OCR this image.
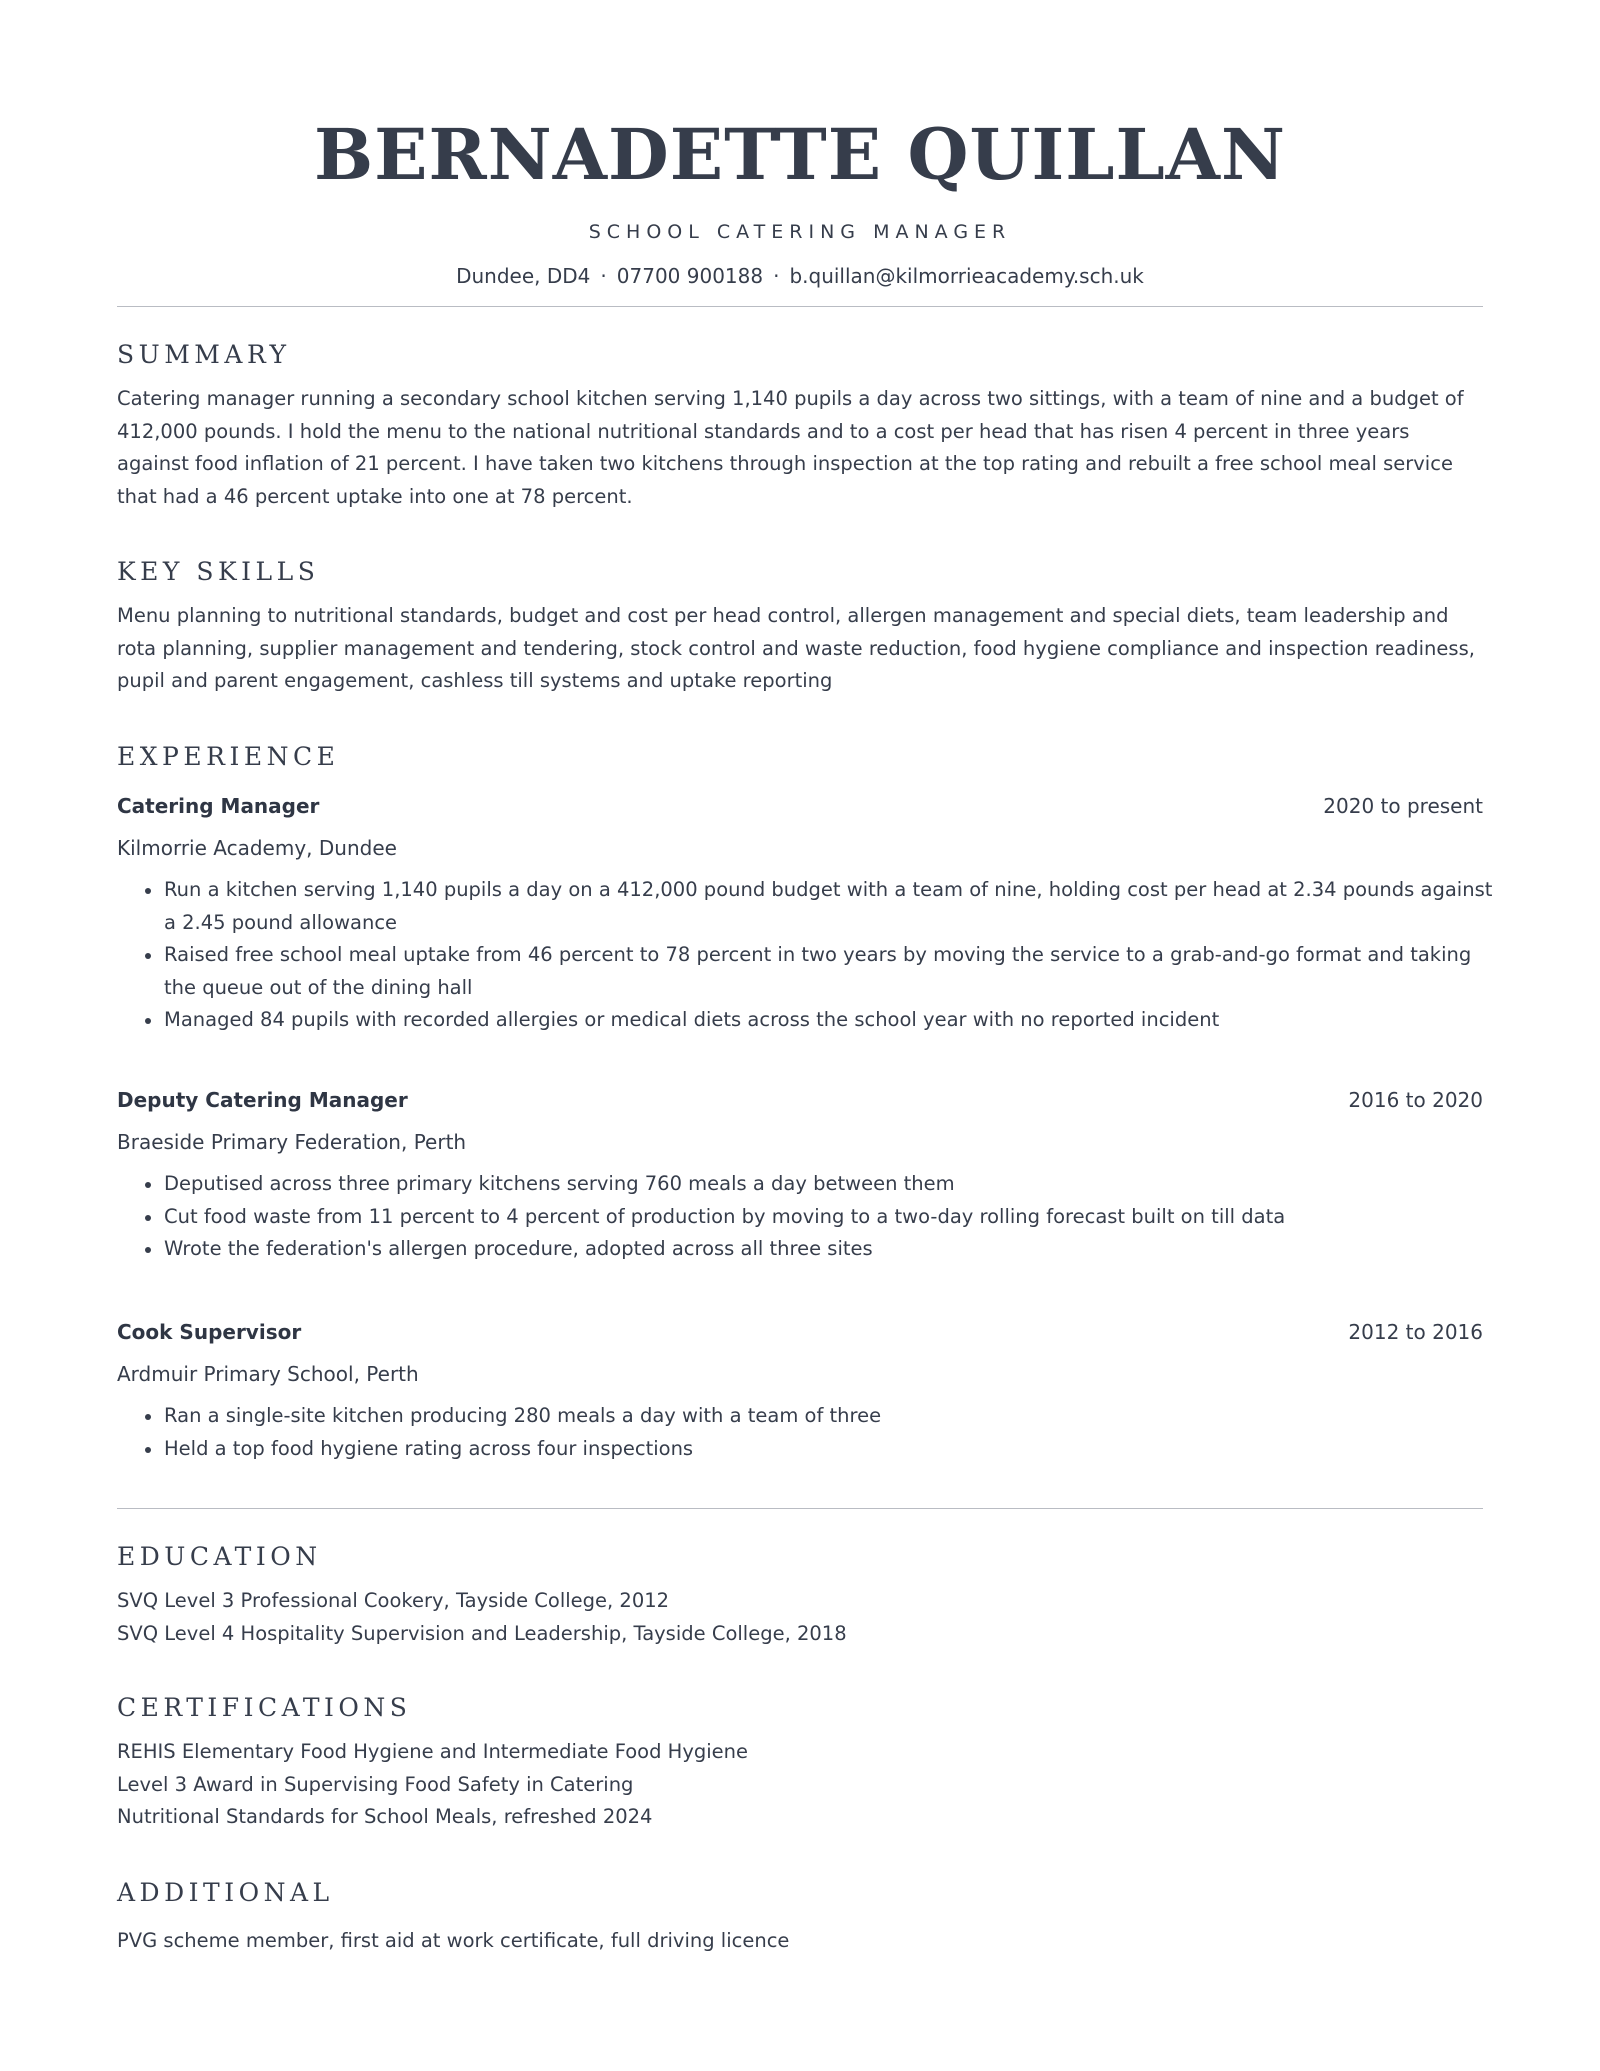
BERNADETTE QUILLAN
SCHOOL CATERING MANAGER
Dundee, DD4 · 07700 900188 · b.quillan@kilmorrieacademy.sch.uk
SUMMARY
Catering manager running a secondary school kitchen serving 1,140 pupils a day across two sittings, with a team of nine and a budget of 412,000 pounds. I hold the menu to the national nutritional standards and to a cost per head that has risen 4 percent in three years against food inflation of 21 percent. I have taken two kitchens through inspection at the top rating and rebuilt a free school meal service that had a 46 percent uptake into one at 78 percent.
KEY SKILLS
Menu planning to nutritional standards, budget and cost per head control, allergen management and special diets, team leadership and rota planning, supplier management and tendering, stock control and waste reduction, food hygiene compliance and inspection readiness, pupil and parent engagement, cashless till systems and uptake reporting
EXPERIENCE
Catering Manager	2020 to present
Kilmorrie Academy, Dundee
Run a kitchen serving 1,140 pupils a day on a 412,000 pound budget with a team of nine, holding cost per head at 2.34 pounds against a 2.45 pound allowance
Raised free school meal uptake from 46 percent to 78 percent in two years by moving the service to a grab-and-go format and taking the queue out of the dining hall
Managed 84 pupils with recorded allergies or medical diets across the school year with no reported incident
Deputy Catering Manager	2016 to 2020
Braeside Primary Federation, Perth
Deputised across three primary kitchens serving 760 meals a day between them
Cut food waste from 11 percent to 4 percent of production by moving to a two-day rolling forecast built on till data
Wrote the federation's allergen procedure, adopted across all three sites
Cook Supervisor	2012 to 2016
Ardmuir Primary School, Perth
Ran a single-site kitchen producing 280 meals a day with a team of three
Held a top food hygiene rating across four inspections
EDUCATION
SVQ Level 3 Professional Cookery, Tayside College, 2012
SVQ Level 4 Hospitality Supervision and Leadership, Tayside College, 2018
CERTIFICATIONS
REHIS Elementary Food Hygiene and Intermediate Food Hygiene
Level 3 Award in Supervising Food Safety in Catering
Nutritional Standards for School Meals, refreshed 2024
ADDITIONAL
PVG scheme member, first aid at work certificate, full driving licence
